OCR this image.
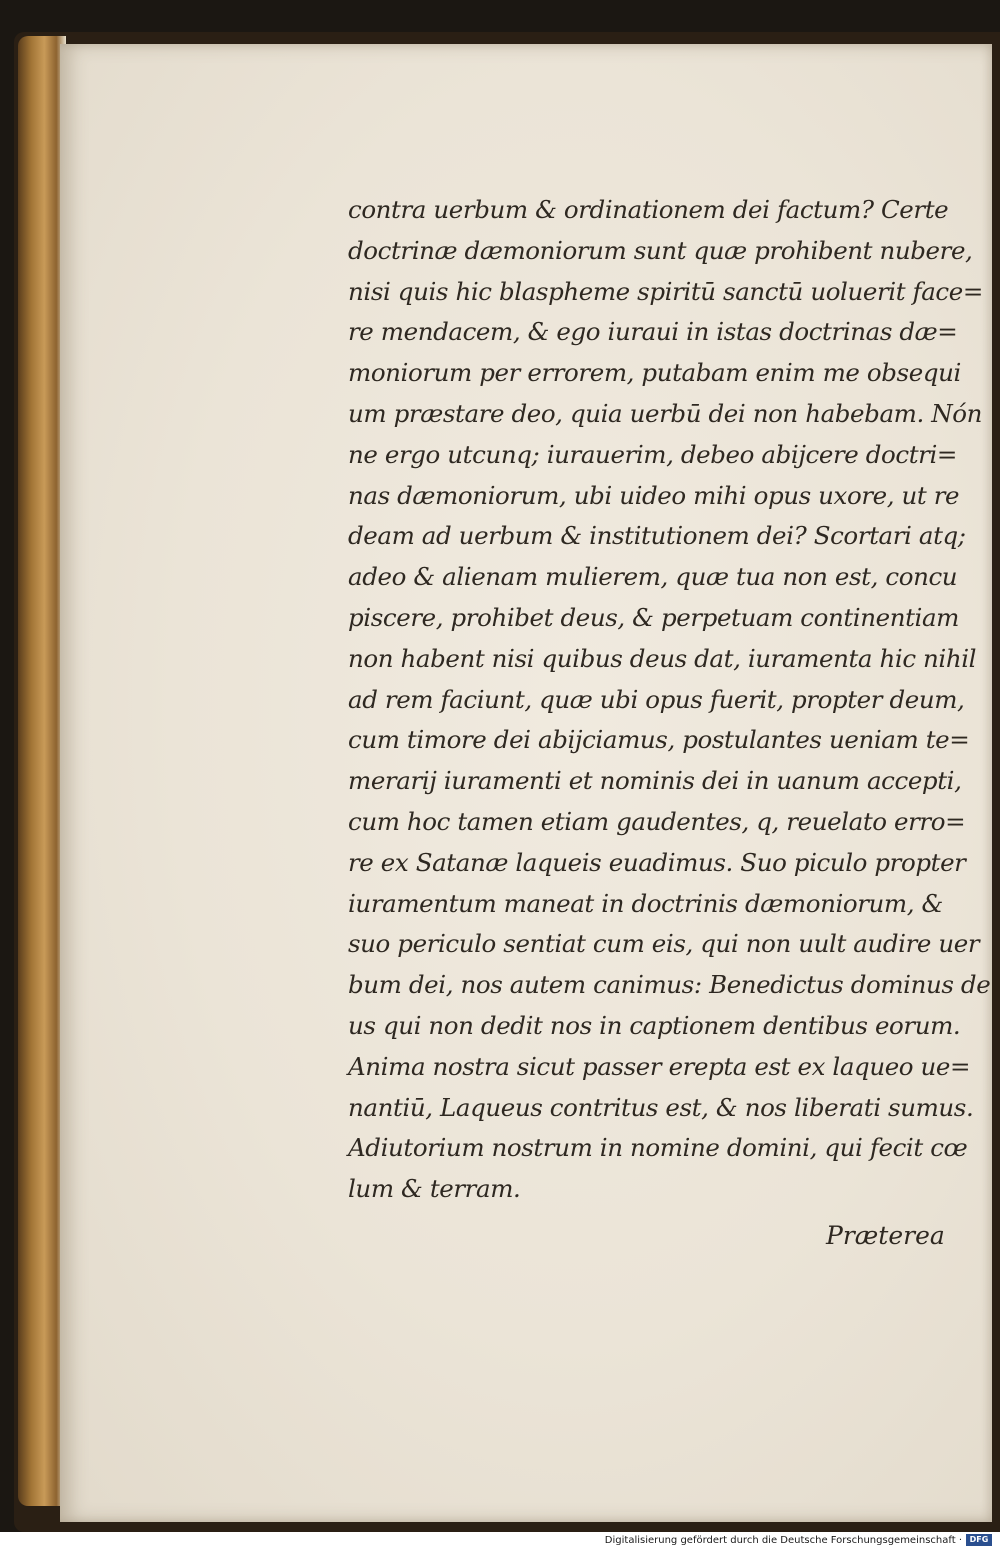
contra uerbum & ordinationem dei factum? Certe
doctrinæ dæmoniorum sunt quæ prohibent nubere,
nisi quis hic blaspheme spiritū sanctū uoluerit face=
re mendacem, & ego iuraui in istas doctrinas dæ=
moniorum per errorem, putabam enim me obsequi
um præstare deo, quia uerbū dei non habebam. Nón
ne ergo utcunq; iurauerim, debeo abijcere doctri=
nas dæmoniorum, ubi uideo mihi opus uxore, ut re
deam ad uerbum & institutionem dei? Scortari atq;
adeo & alienam mulierem, quæ tua non est, concu
piscere, prohibet deus, & perpetuam continentiam
non habent nisi quibus deus dat, iuramenta hic nihil
ad rem faciunt, quæ ubi opus fuerit, propter deum,
cum timore dei abijciamus, postulantes ueniam te=
merarij iuramenti et nominis dei in uanum accepti,
cum hoc tamen etiam gaudentes, q, reuelato erro=
re ex Satanæ laqueis euadimus. Suo piculo propter
iuramentum maneat in doctrinis dæmoniorum, &
suo periculo sentiat cum eis, qui non uult audire uer
bum dei, nos autem canimus: Benedictus dominus de
us qui non dedit nos in captionem dentibus eorum.
Anima nostra sicut passer erepta est ex laqueo ue=
nantiū, Laqueus contritus est, & nos liberati sumus.
Adiutorium nostrum in nomine domini, qui fecit cœ
lum & terram.
Præterea
Digitalisierung gefördert durch die Deutsche Forschungsgemeinschaft · DFG
